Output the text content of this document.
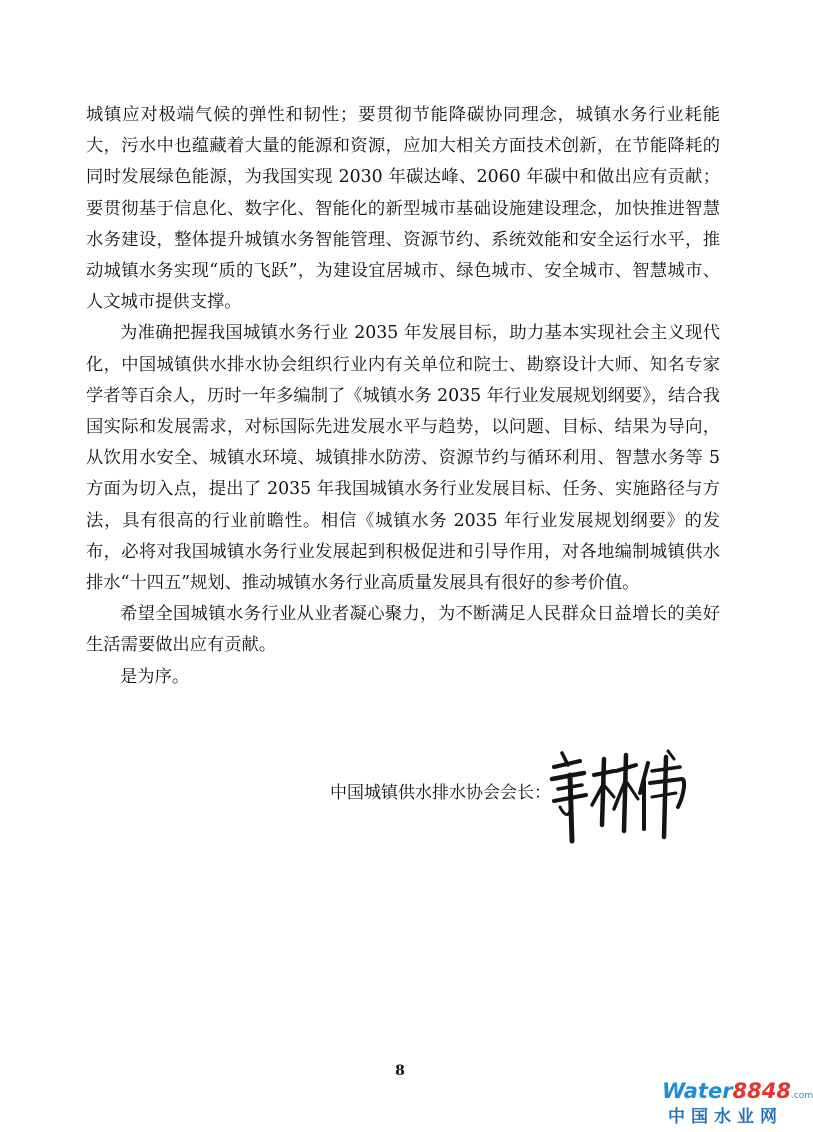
城镇应对极端气候的弹性和韧性；要贯彻节能降碳协同理念，城镇水务行业耗能大，污水中也蕴藏着大量的能源和资源，应加大相关方面技术创新，在节能降耗的同时发展绿色能源，为我国实现 2030 年碳达峰、2060 年碳中和做出应有贡献；要贯彻基于信息化、数字化、智能化的新型城市基础设施建设理念，加快推进智慧水务建设，整体提升城镇水务智能管理、资源节约、系统效能和安全运行水平，推动城镇水务实现“质的飞跃”，为建设宜居城市、绿色城市、安全城市、智慧城市、人文城市提供支撑。

为准确把握我国城镇水务行业 2035 年发展目标，助力基本实现社会主义现代化，中国城镇供水排水协会组织行业内有关单位和院士、勘察设计大师、知名专家学者等百余人，历时一年多编制了《城镇水务 2035 年行业发展规划纲要》，结合我国实际和发展需求，对标国际先进发展水平与趋势，以问题、目标、结果为导向，从饮用水安全、城镇水环境、城镇排水防涝、资源节约与循环利用、智慧水务等 5 方面为切入点，提出了 2035 年我国城镇水务行业发展目标、任务、实施路径与方法，具有很高的行业前瞻性。相信《城镇水务 2035 年行业发展规划纲要》的发布，必将对我国城镇水务行业发展起到积极促进和引导作用，对各地编制城镇供水排水“十四五”规划、推动城镇水务行业高质量发展具有很好的参考价值。

希望全国城镇水务行业从业者凝心聚力，为不断满足人民群众日益增长的美好生活需要做出应有贡献。

是为序。

中国城镇供水排水协会会长：
8
Water8848.com
中国水业网
